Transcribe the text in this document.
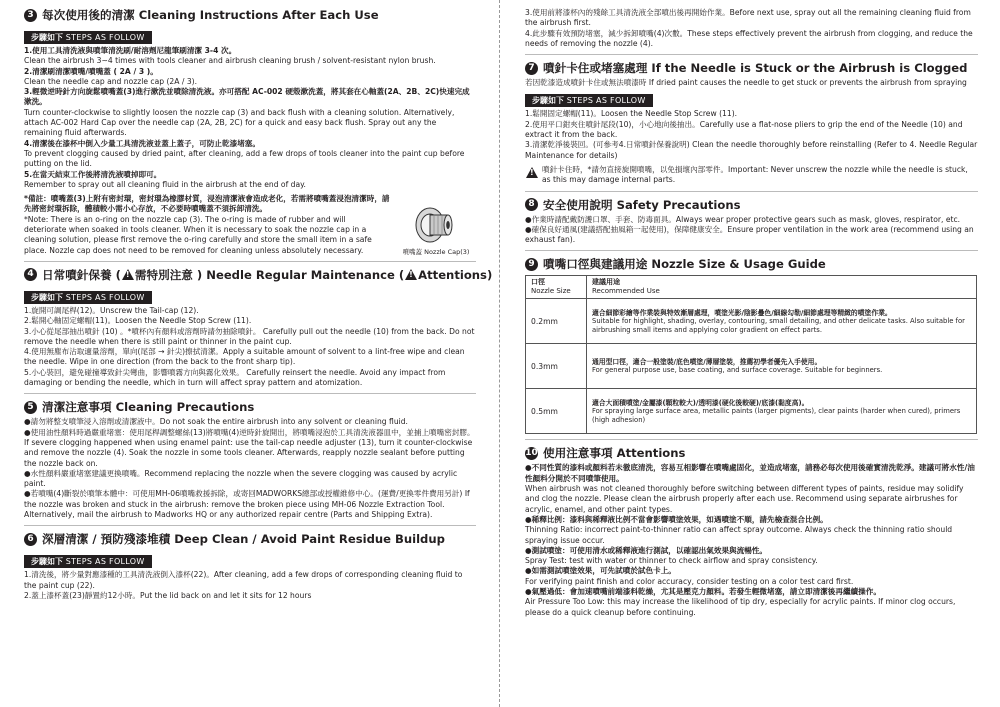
3 每次使用後的清潔 Cleaning Instructions After Each Use
步驟如下 STEPS AS FOLLOW

1.使用工具清洗液與噴筆清洗刷/耐溶劑尼龍筆刷清潔 3-4 次。

Clean the airbrush 3~4 times with tools cleaner and airbrush cleaning brush / solvent-resistant nylon brush.

2.清潔刷清潔噴嘴/噴嘴蓋 ( 2A / 3 )。

Clean the needle cap and nozzle cap (2A / 3).

3.輕微逆時針方向旋鬆噴嘴蓋(3)進行漱洗並噴除清洗液。亦可搭配 AC-002 硬殼漱洗蓋，將其套在心軸蓋(2A、2B、2C)快速完成漱洗。

Turn counter-clockwise to slightly loosen the nozzle cap (3) and back flush with a cleaning solution. Alternatively, attach AC-002 Hard Cap over the needle cap (2A, 2B, 2C) for a quick and easy back flush. Spray out any the remaining fluid afterwards.

4.清潔後在漆杯中倒入少量工具清洗液並蓋上蓋子，可防止乾漆堵塞。

To prevent clogging caused by dried paint, after cleaning, add a few drops of tools cleaner into the paint cup before putting on the lid.

5.在當天結束工作後將清洗液噴掉即可。

Remember to spray out all cleaning fluid in the airbrush at the end of day.

*備註：噴嘴蓋(3)上附有密封環，密封環為橡膠材質，浸泡清潔液會造成老化，若需將噴嘴蓋浸泡清潔時，請先將密封環拆除，體積較小需小心存放，不必要時噴嘴蓋不須拆卸清洗。

*Note: There is an o-ring on the nozzle cap (3). The o-ring is made of rubber and will deteriorate when soaked in tools cleaner. When it is necessary to soak the nozzle cap in a cleaning solution, please first remove the o-ring carefully and store the small item in a safe place. Nozzle cap does not need to be removed for cleaning unless absolutely necessary.	噴嘴蓋 Nozzle Cap(3)
4 日常噴針保養 ( ! 需特別注意 ) Needle Regular Maintenance ( ! Attentions)
步驟如下 STEPS AS FOLLOW

1.旋開可調尾桿(12)。Unscrew the Tail-cap (12).

2.鬆開心軸固定螺帽(11)。Loosen the Needle Stop Screw (11).

3.小心從尾部抽出噴針 (10) 。*噴杯內有顏料或溶劑時請勿抽除噴針。 Carefully pull out the needle (10) from the back. Do not remove the needle when there is still paint or thinner in the paint cup.

4.使用無塵布沾取適量溶劑，單向(尾部 → 針尖)擦拭清潔。Apply a suitable amount of solvent to a lint-free wipe and clean the needle. Wipe in one direction (from the back to the front sharp tip).

5.小心裝回，避免碰撞導致針尖彎曲，影響噴霧方向與霧化效果。 Carefully reinsert the needle. Avoid any impact from damaging or bending the needle, which in turn will affect spray pattern and atomization.

5 清潔注意事項 Cleaning Precautions

●請勿將整支噴筆浸入溶劑或清潔液中。Do not soak the entire airbrush into any solvent or cleaning fluid.

●使用油性顏料時過嚴重堵塞：使用尾桿調整螺絲(13)將噴嘴(4)逆時針旋開出，將噴嘴浸泡於工具清洗液器皿中，並捕上噴嘴密封膠。If severe clogging happened when using enamel paint: use the tail-cap needle adjuster (13), turn it counter-clockwise and remove the nozzle (4). Soak the nozzle in some tools cleaner. Afterwards, reapply nozzle sealant before putting the nozzle back on.

●水性顏料嚴重堵塞建議更換噴嘴。Recommend replacing the nozzle when the severe clogging was caused by acrylic paint.

●若噴嘴(4)斷裂於噴筆本體中：可使用MH-06噴嘴救援拆除，或寄回MADWORKS總部或授權維修中心。(運費/更換零件費用另計) If the nozzle was broken and stuck in the airbrush: remove the broken piece using MH-06 Nozzle Extraction Tool. Alternatively, mail the airbrush to Madworks HQ or any authorized repair centre (Parts and Shipping Extra).

6 深層清潔 / 預防殘漆堆積 Deep Clean / Avoid Paint Residue Buildup
步驟如下 STEPS AS FOLLOW

1.清洗後，將少量對應漆種的工具清洗液倒入漆杯(22)。After cleaning, add a few drops of corresponding cleaning fluid to the paint cup (22).

2.蓋上漆杯蓋(23)靜置約12小時。Put the lid back on and let it sits for 12 hours

3.使用前將漆杯內的殘餘工具清洗液全部噴出後再開始作業。Before next use, spray out all the remaining cleaning fluid from the airbrush first.

4.此步驟有效預防堵塞，減少拆卸噴嘴(4)次數。These steps effectively prevent the airbrush from clogging, and reduce the needs of removing the nozzle (4).

7 噴針卡住或堵塞處理 If the Needle is Stuck or the Airbrush is Clogged

若因乾漆造成噴針卡住或無法噴漆時 If dried paint causes the needle to get stuck or prevents the airbrush from spraying

步驟如下 STEPS AS FOLLOW

1.鬆開固定螺帽(11)。Loosen the Needle Stop Screw (11).

2.使用平口鉗夾住噴針尾段(10)，小心地向後抽出。Carefully use a flat-nose pliers to grip the end of the Needle (10) and extract it from the back.

3.清潔乾淨後裝回。(可參考4.日常噴針保養說明) Clean the needle thoroughly before reinstalling (Refer to 4. Needle Regular Maintenance for details)

!

噴針卡住時，*請勿直接旋開噴嘴，以免損壞內部零件。Important: Never unscrew the nozzle while the needle is stuck, as this may damage internal parts.

8 安全使用說明 Safety Precautions

●作業時請配戴防護口罩、手套、防毒面具。Always wear proper protective gears such as mask, gloves, respirator, etc.

●確保良好通風(建議搭配抽風箱一起使用)，保障健康安全。Ensure proper ventilation in the work area (recommend using an exhaust fan).

9 噴嘴口徑與建議用途 Nozzle Size & Usage Guide
口徑
Nozzle Size	建議用途
Recommended Use
0.2mm	適合細節彩繪等作業裝與特效漸層處理，噴塗光影/陰影疊色/細線勾勒/細節處理等精緻的噴塗作業。
Suitable for highlight, shading, overlay, contouring, small detailing, and other delicate tasks. Also suitable for airbrushing small items and applying color gradient on effect parts.
0.3mm	通用型口徑，適合一般塗裝/底色噴塗/薄層塗裝，推薦初學者優先入手使用。
For general purpose use, base coating, and surface coverage. Suitable for beginners.
0.5mm	適合大面積噴塗/金屬漆(顆粒較大)/透明漆(硬化後較硬)/底漆(黏度高)。
For spraying large surface area, metallic paints (larger pigments), clear paints (harder when cured), primers (high adhesion)
10 使用注意事項 Attentions

●不同性質的漆料或顏料若未徹底清洗，容易互相影響在噴嘴處固化，並造成堵塞，請務必每次使用後確實清洗乾淨。建議可將水性/油性顏料分開於不同噴筆使用。

When airbrush was not cleaned thoroughly before switching between different types of paints, residue may solidify and clog the nozzle. Please clean the airbrush properly after each use. Recommend using separate airbrushes for acrylic, enamel, and other paint types.

●稀釋比例：漆料與稀釋液比例不當會影響噴塗效果，如遇噴塗不順，請先檢查混合比例。

Thinning Ratio: incorrect paint-to-thinner ratio can affect spray outcome. Always check the thinning ratio should spraying issue occur.

●測試噴塗：可使用清水或稀釋液進行測試，以確認出氣效果與流暢性。

Spray Test: test with water or thinner to check airflow and spray consistency.

●如需測試噴塗效果，可先試噴於試色卡上。

For verifying paint finish and color accuracy, consider testing on a color test card first.

●氣壓過低：會加速噴嘴前端漆料乾燥，尤其是壓克力顏料。若發生輕微堵塞，請立即清潔後再繼續操作。

Air Pressure Too Low: this may increase the likelihood of tip dry, especially for acrylic paints. If minor clog occurs, please do a quick cleanup before continuing.
